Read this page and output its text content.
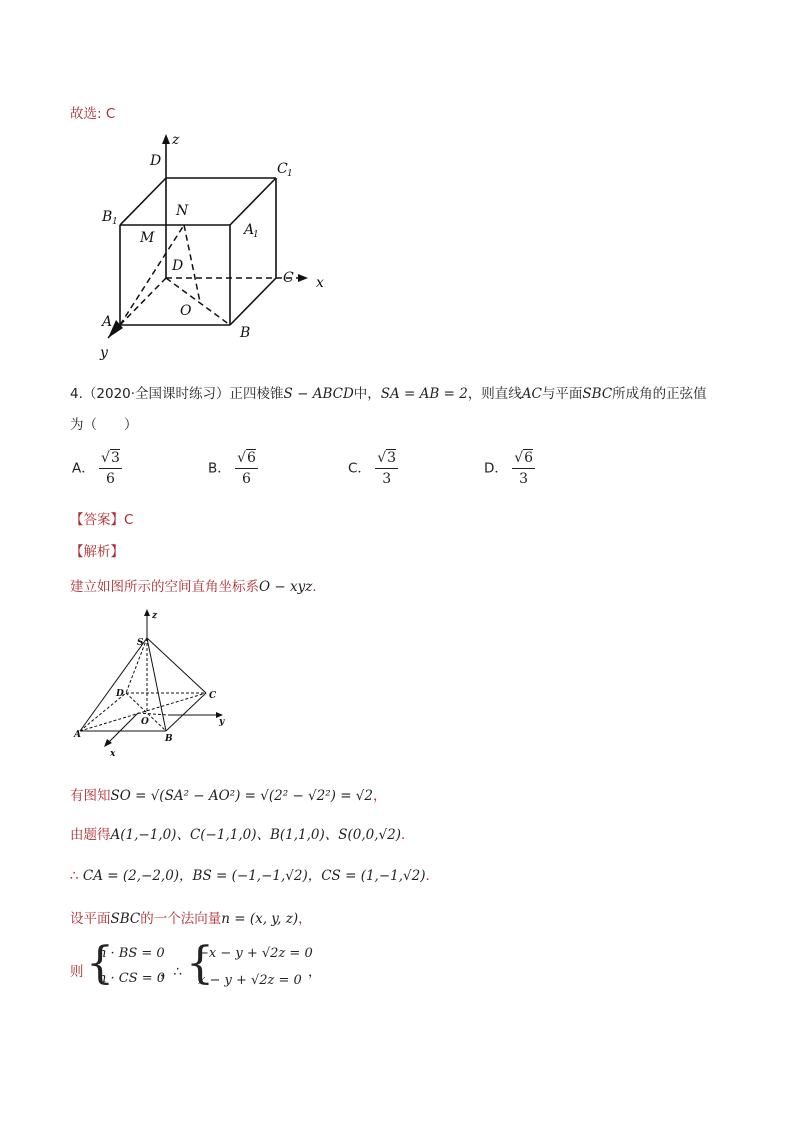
故选: C
z
D	C 1
B 1
N
A
1
M
D
C x
O
A
B
y
4.（2020·全国课时练习）正四棱锥S − ABCD中，SA = AB = 2，则直线AC与平面SBC所成角的正弦值
为（　　）
A． $\frac{√3}{6}$	B． $\frac{√6}{6}$	C． $\frac{√3}{3}$	D． $\frac{√6}{3}$
【答案】C
【解析】
建立如图所示的空间直角坐标系O − xyz．
z
S
D	C
y
O
A	B
x
有图知SO = √(SA² − AO²) = √(2² − √2²) = √2，
由题得A(1,−1,0)、C(−1,1,0)、B(1,1,0)、S(0,0,√2)．
∴ CA = (2,−2,0)，BS = (−1,−1,√2)，CS = (1,−1,√2)．
设平面SBC的一个法向量n = (x, y, z)，
则 {
n · BS = 0
n · CS = 0
，∴ {
−x − y + √2z = 0
x − y + √2z = 0
，
